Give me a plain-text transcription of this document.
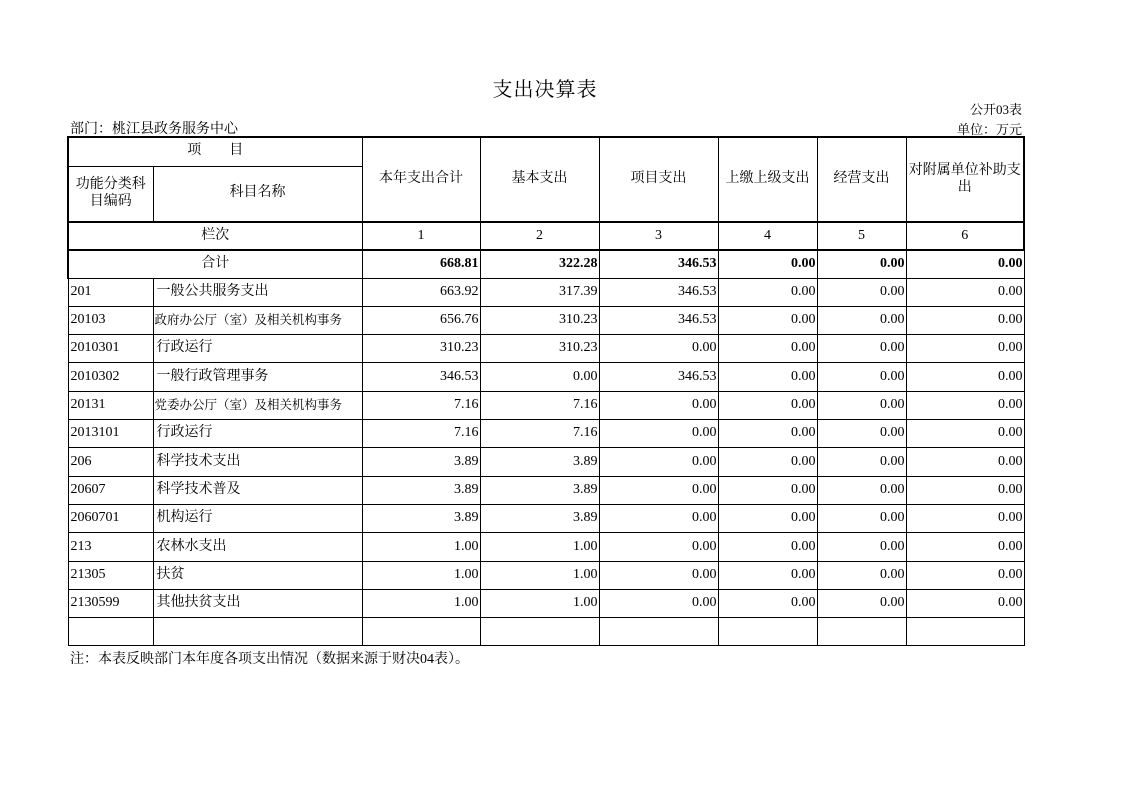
支出决算表
公开03表
部门：桃江县政务服务中心	单位：万元
项　　目		本年支出合计	基本支出	项目支出	上缴上级支出	经营支出	对附属单位补助支出
功能分类科目编码	科目名称						
栏次		1	2	3	4	5	6
合计		668.81	322.28	346.53	0.00	0.00	0.00
201	一般公共服务支出	663.92	317.39	346.53	0.00	0.00	0.00
20103	政府办公厅（室）及相关机构事务	656.76	310.23	346.53	0.00	0.00	0.00
2010301	行政运行	310.23	310.23	0.00	0.00	0.00	0.00
2010302	一般行政管理事务	346.53	0.00	346.53	0.00	0.00	0.00
20131	党委办公厅（室）及相关机构事务	7.16	7.16	0.00	0.00	0.00	0.00
2013101	行政运行	7.16	7.16	0.00	0.00	0.00	0.00
206	科学技术支出	3.89	3.89	0.00	0.00	0.00	0.00
20607	科学技术普及	3.89	3.89	0.00	0.00	0.00	0.00
2060701	机构运行	3.89	3.89	0.00	0.00	0.00	0.00
213	农林水支出	1.00	1.00	0.00	0.00	0.00	0.00
21305	扶贫	1.00	1.00	0.00	0.00	0.00	0.00
2130599	其他扶贫支出	1.00	1.00	0.00	0.00	0.00	0.00

注：本表反映部门本年度各项支出情况（数据来源于财决04表）。
